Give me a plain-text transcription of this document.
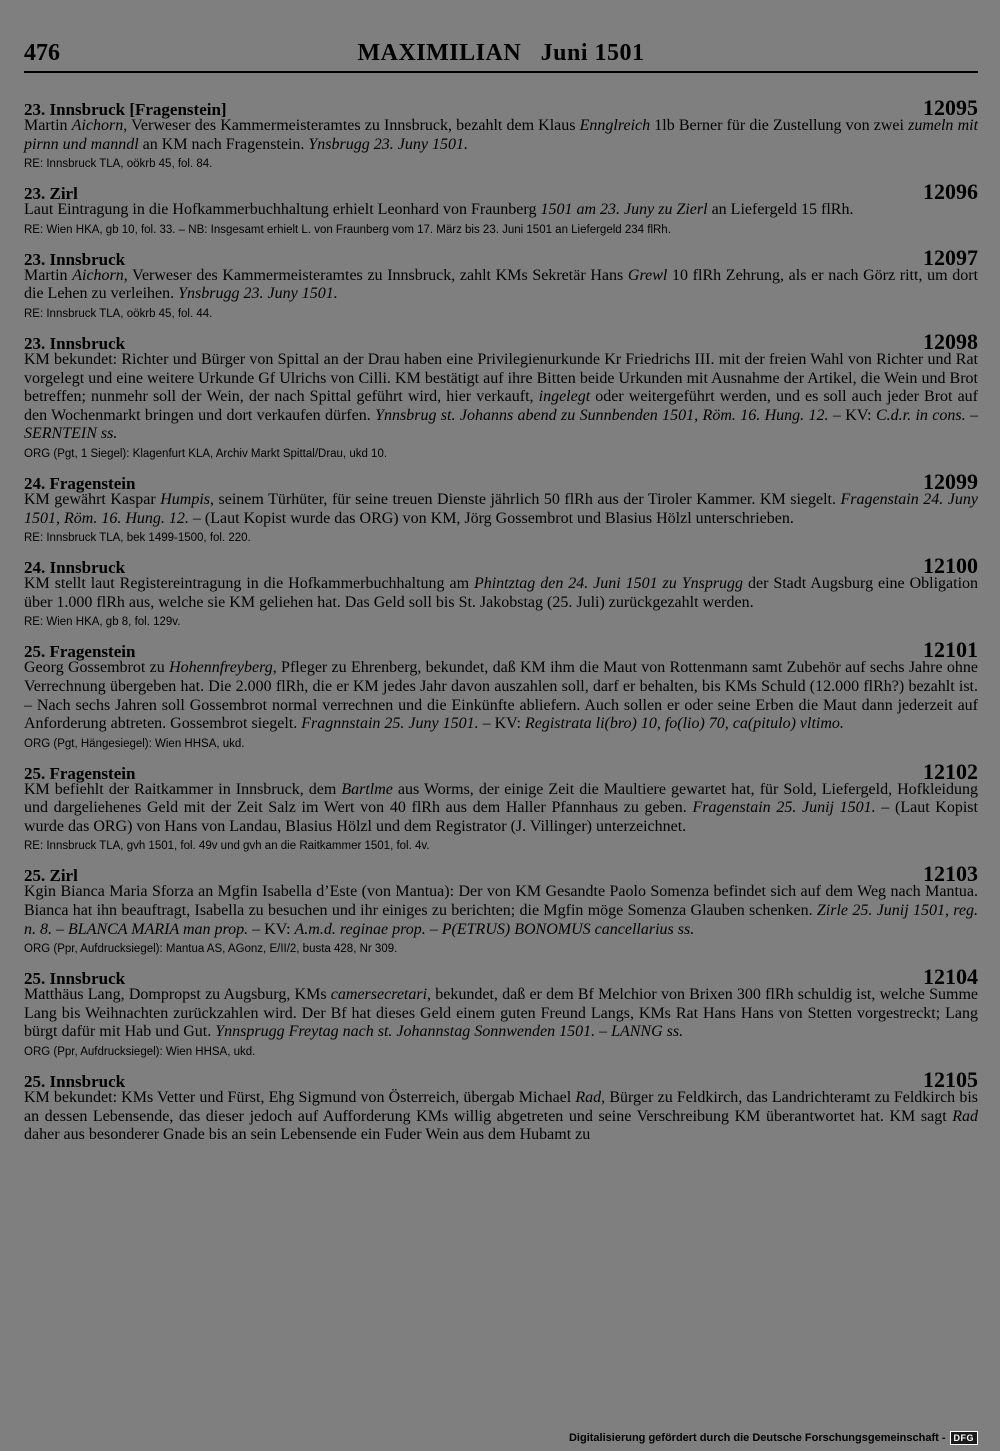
476	MAXIMILIAN   Juni 1501
23. Innsbruck [Fragenstein]	12095

Martin Aichorn, Verweser des Kammermeisteramtes zu Innsbruck, bezahlt dem Klaus Ennglreich 1lb Berner für die Zustellung von zwei zumeln mit pirnn und manndl an KM nach Fragenstein. Ynsbrugg 23. Juny 1501.

RE: Innsbruck TLA, oökrb 45, fol. 84.

23. Zirl	12096

Laut Eintragung in die Hofkammerbuchhaltung erhielt Leonhard von Fraunberg 1501 am 23. Juny zu Zierl an Liefergeld 15 flRh.

RE: Wien HKA, gb 10, fol. 33. – NB: Insgesamt erhielt L. von Fraunberg vom 17. März bis 23. Juni 1501 an Liefergeld 234 flRh.

23. Innsbruck	12097

Martin Aichorn, Verweser des Kammermeisteramtes zu Innsbruck, zahlt KMs Sekretär Hans Grewl 10 flRh Zehrung, als er nach Görz ritt, um dort die Lehen zu verleihen. Ynsbrugg 23. Juny 1501.

RE: Innsbruck TLA, oökrb 45, fol. 44.

23. Innsbruck	12098

KM bekundet: Richter und Bürger von Spittal an der Drau haben eine Privilegienurkunde Kr Friedrichs III. mit der freien Wahl von Richter und Rat vorgelegt und eine weitere Urkunde Gf Ulrichs von Cilli. KM bestätigt auf ihre Bitten beide Urkunden mit Ausnahme der Artikel, die Wein und Brot betreffen; nunmehr soll der Wein, der nach Spittal geführt wird, hier verkauft, ingelegt oder weitergeführt werden, und es soll auch jeder Brot auf den Wochenmarkt bringen und dort verkaufen dürfen. Ynnsbrug st. Johanns abend zu Sunnbenden 1501, Röm. 16. Hung. 12. – KV: C.d.r. in cons. – SERNTEIN ss.

ORG (Pgt, 1 Siegel): Klagenfurt KLA, Archiv Markt Spittal/Drau, ukd 10.

24. Fragenstein	12099

KM gewährt Kaspar Humpis, seinem Türhüter, für seine treuen Dienste jährlich 50 flRh aus der Tiroler Kammer. KM siegelt. Fragenstain 24. Juny 1501, Röm. 16. Hung. 12. – (Laut Kopist wurde das ORG) von KM, Jörg Gossembrot und Blasius Hölzl unterschrieben.

RE: Innsbruck TLA, bek 1499-1500, fol. 220.

24. Innsbruck	12100

KM stellt laut Registereintragung in die Hofkammerbuchhaltung am Phintztag den 24. Juni 1501 zu Ynsprugg der Stadt Augsburg eine Obligation über 1.000 flRh aus, welche sie KM geliehen hat. Das Geld soll bis St. Jakobstag (25. Juli) zurückgezahlt werden.

RE: Wien HKA, gb 8, fol. 129v.

25. Fragenstein	12101

Georg Gossembrot zu Hohennfreyberg, Pfleger zu Ehrenberg, bekundet, daß KM ihm die Maut von Rottenmann samt Zubehör auf sechs Jahre ohne Verrechnung übergeben hat. Die 2.000 flRh, die er KM jedes Jahr davon auszahlen soll, darf er behalten, bis KMs Schuld (12.000 flRh?) bezahlt ist. – Nach sechs Jahren soll Gossembrot normal verrechnen und die Einkünfte abliefern. Auch sollen er oder seine Erben die Maut dann jederzeit auf Anforderung abtreten. Gossembrot siegelt. Fragnnstain 25. Juny 1501. – KV: Registrata li(bro) 10, fo(lio) 70, ca(pitulo) vltimo.

ORG (Pgt, Hängesiegel): Wien HHSA, ukd.

25. Fragenstein	12102

KM befiehlt der Raitkammer in Innsbruck, dem Bartlme aus Worms, der einige Zeit die Maultiere gewartet hat, für Sold, Liefergeld, Hofkleidung und dargeliehenes Geld mit der Zeit Salz im Wert von 40 flRh aus dem Haller Pfannhaus zu geben. Fragenstain 25. Junij 1501. – (Laut Kopist wurde das ORG) von Hans von Landau, Blasius Hölzl und dem Registrator (J. Villinger) unterzeichnet.

RE: Innsbruck TLA, gvh 1501, fol. 49v und gvh an die Raitkammer 1501, fol. 4v.

25. Zirl	12103

Kgin Bianca Maria Sforza an Mgfin Isabella d’Este (von Mantua): Der von KM Gesandte Paolo Somenza befindet sich auf dem Weg nach Mantua. Bianca hat ihn beauftragt, Isabella zu besuchen und ihr einiges zu berichten; die Mgfin möge Somenza Glauben schenken. Zirle 25. Junij 1501, reg. n. 8. – BLANCA MARIA man prop. – KV: A.m.d. reginae prop. – P(ETRUS) BONOMUS cancellarius ss.

ORG (Ppr, Aufdrucksiegel): Mantua AS, AGonz, E/II/2, busta 428, Nr 309.

25. Innsbruck	12104

Matthäus Lang, Dompropst zu Augsburg, KMs camersecretari, bekundet, daß er dem Bf Melchior von Brixen 300 flRh schuldig ist, welche Summe Lang bis Weihnachten zurückzahlen wird. Der Bf hat dieses Geld einem guten Freund Langs, KMs Rat Hans Hans von Stetten vorgestreckt; Lang bürgt dafür mit Hab und Gut. Ynnsprugg Freytag nach st. Johannstag Sonnwenden 1501. – LANNG ss.

ORG (Ppr, Aufdrucksiegel): Wien HHSA, ukd.

25. Innsbruck	12105

KM bekundet: KMs Vetter und Fürst, Ehg Sigmund von Österreich, übergab Michael Rad, Bürger zu Feldkirch, das Landrichteramt zu Feldkirch bis an dessen Lebensende, das dieser jedoch auf Aufforderung KMs willig abgetreten und seine Verschreibung KM überantwortet hat. KM sagt Rad daher aus besonderer Gnade bis an sein Lebensende ein Fuder Wein aus dem Hubamt zu

Digitalisierung gefördert durch die Deutsche Forschungsgemeinschaft - DFG
